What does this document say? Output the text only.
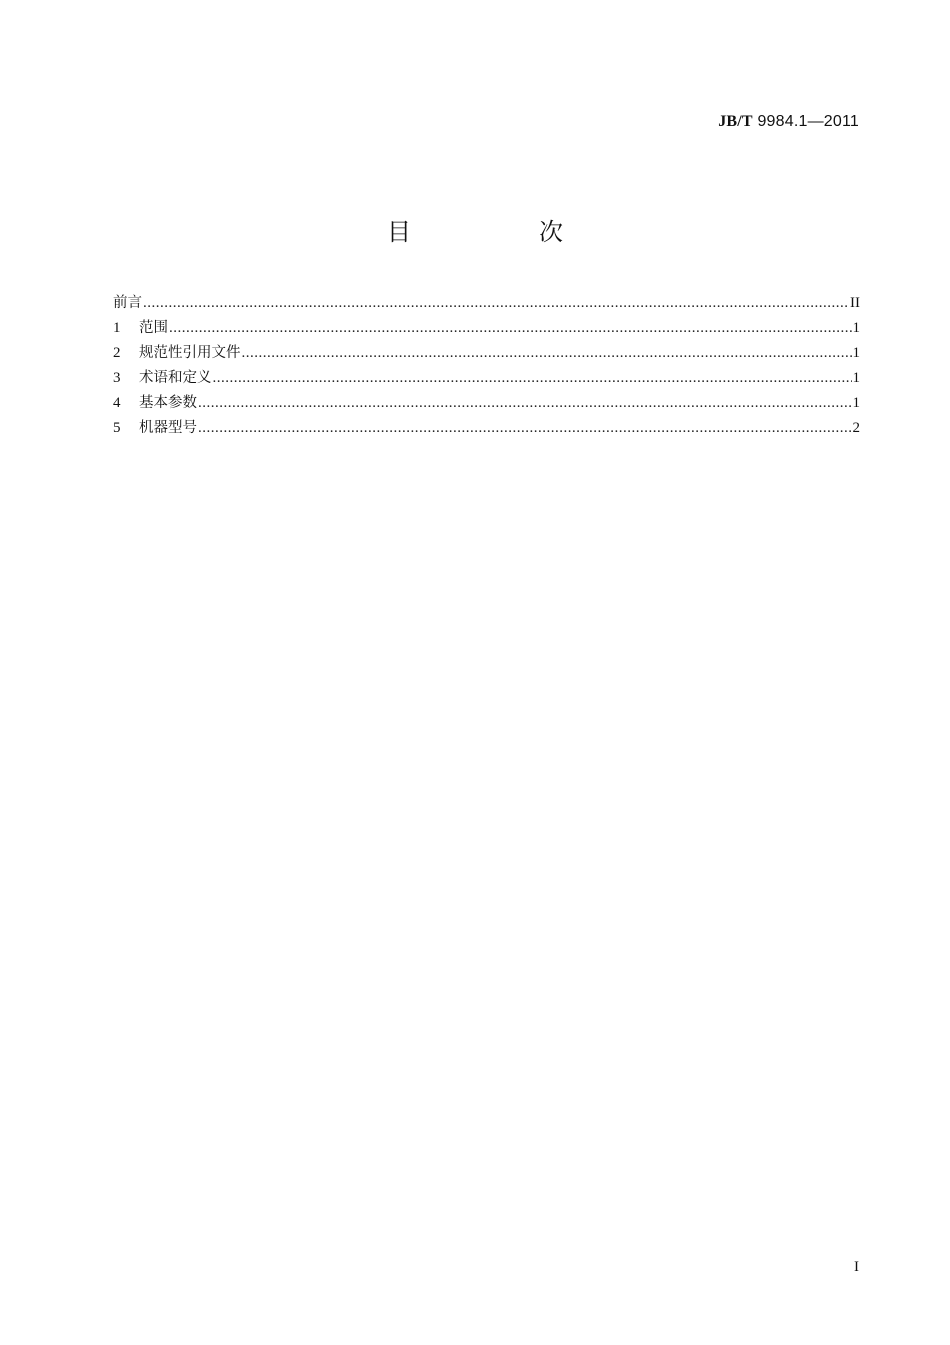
JB/T 9984.1—2011
目　次
前言 .....	II
1	范围 .....	1
2	规范性引用文件 .....	1
3	术语和定义 .....	1
4	基本参数 .....	1
5	机器型号 .....	2
I
